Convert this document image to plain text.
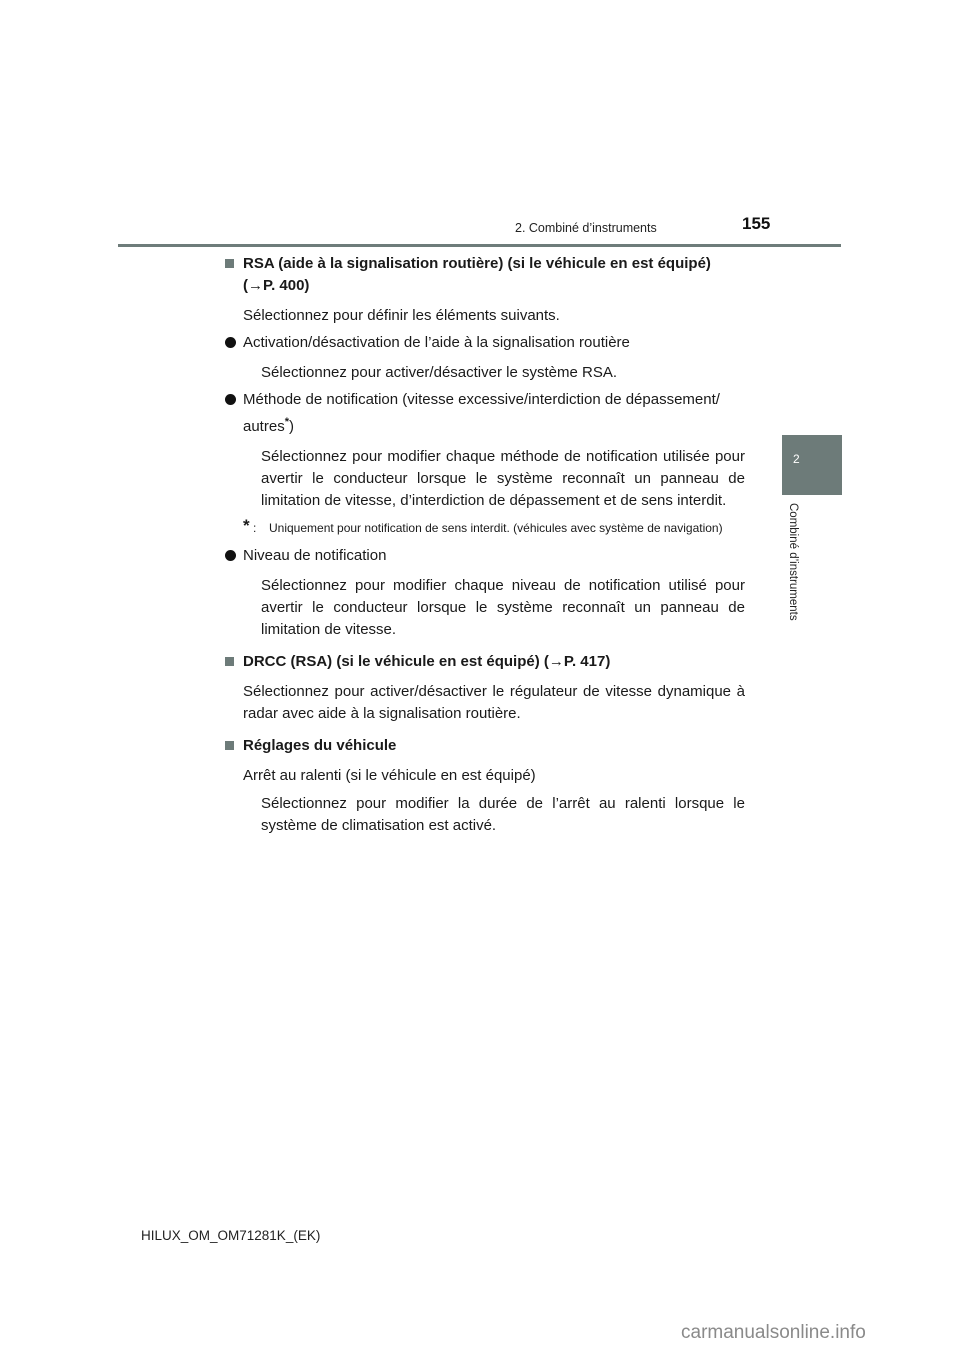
2. Combiné d’instruments	155
2
Combiné d’instruments
RSA (aide à la signalisation routière) (si le véhicule en est équipé)
(→P. 400)
Sélectionnez pour définir les éléments suivants.
Activation/désactivation de l’aide à la signalisation routière
Sélectionnez pour activer/désactiver le système RSA.
Méthode de notification (vitesse excessive/interdiction de dépassement/ autres*)
Sélectionnez pour modifier chaque méthode de notification utilisée pour avertir le conducteur lorsque le système reconnaît un panneau de limitation de vitesse, d’interdiction de dépassement et de sens interdit.
* :	Uniquement pour notification de sens interdit. (véhicules avec système de navigation)
Niveau de notification
Sélectionnez pour modifier chaque niveau de notification utilisé pour avertir le conducteur lorsque le système reconnaît un panneau de limitation de vitesse.
DRCC (RSA) (si le véhicule en est équipé) (→P. 417)
Sélectionnez pour activer/désactiver le régulateur de vitesse dynamique à radar avec aide à la signalisation routière.
Réglages du véhicule
Arrêt au ralenti (si le véhicule en est équipé)
Sélectionnez pour modifier la durée de l’arrêt au ralenti lorsque le système de climatisation est activé.
HILUX_OM_OM71281K_(EK)
carmanualsonline.info
